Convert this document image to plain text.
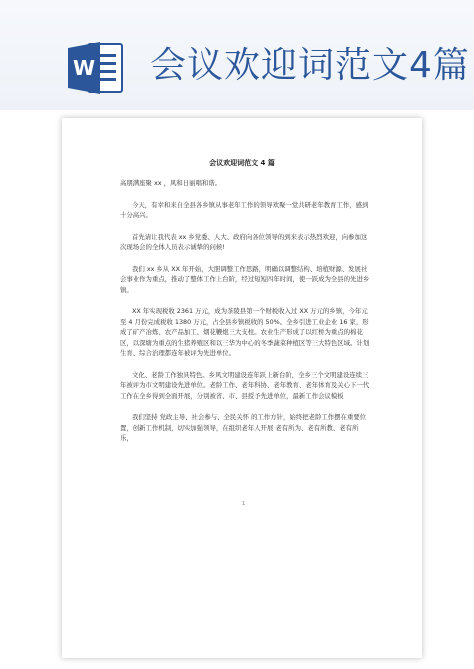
W 会议欢迎词范文4篇
会议欢迎词范文 4 篇

高朋满座聚 xx ，风和日丽唱和谐。

今天，有幸和来自全县各乡镇从事老年工作的领导欢聚一堂共研老年教育工作，感到十分高兴。

首先请让我代表 xx 乡党委、人大、政府向各位领导的到来表示热烈欢迎，向参加这次现场会的全体人员表示诚挚的问候!

我们 xx 乡从 XX 年开始，大胆调整工作思路，明确以调整结构、培植财源、发展社会事业作为重点，推动了整体工作上台阶，经过短短四年时间，使一跃成为全县的先进乡镇。

XX 年实现税收 2361 万元，成为茶陵县第一个财税收入过 XX 万元的乡镇，今年元至 4 月份完成税收 1380 万元，占全县乡镇税收的 50%。全乡引进工业企业 16 家，形成了矿产冶炼、农产品加工、烟花鞭炮三大支柱。农业生产形成了以红桥为重点的棉花区，以深塘为重点的生猪养殖区和以三华为中心的冬季蔬菜种植区等三大特色区域。计划生育、综合治理都连年被评为先进单位。

文化、老龄工作独具特色。乡风文明建设连年跃上新台阶，全乡三个文明建设连续三年被评为市文明建设先进单位。老龄工作、老年科协、老年教育、老年体育及关心下一代工作在全乡得到全面开展，分别被省、市、县授予先进单位，最新工作会议模板

我们坚持 党政主导、社会参与、全民关怀 的工作方针，始终把老龄工作摆在重要位置，创新工作机制，切实加强领导，在组织老年人开展 老有所为、老有所教、老有所乐，

1
